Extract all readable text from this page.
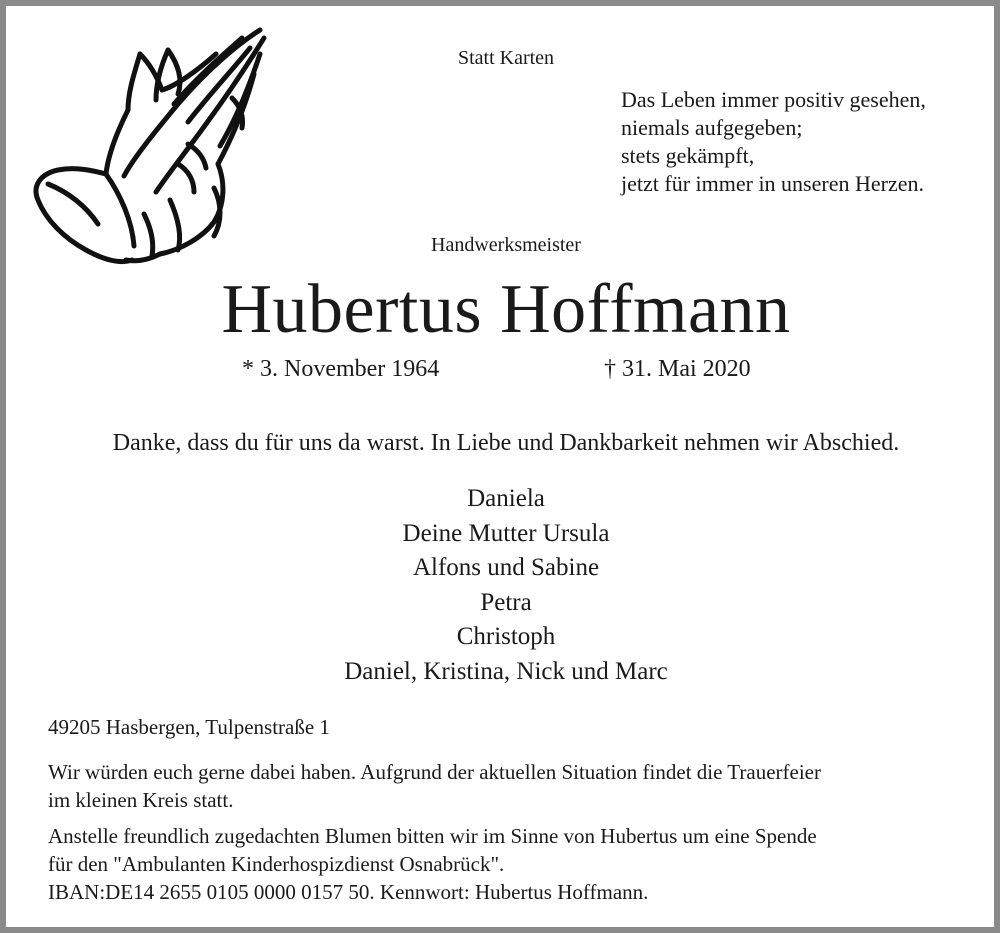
Statt Karten
Das Leben immer positiv gesehen,
niemals aufgegeben;
stets gekämpft,
jetzt für immer in unseren Herzen.
Handwerksmeister
Hubertus Hoffmann
* 3. November 1964	† 31. Mai 2020
Danke, dass du für uns da warst. In Liebe und Dankbarkeit nehmen wir Abschied.
Daniela
Deine Mutter Ursula
Alfons und Sabine
Petra
Christoph
Daniel, Kristina, Nick und Marc
49205 Hasbergen, Tulpenstraße 1
Wir würden euch gerne dabei haben. Aufgrund der aktuellen Situation findet die Trauerfeier
im kleinen Kreis statt.
Anstelle freundlich zugedachten Blumen bitten wir im Sinne von Hubertus um eine Spende
für den "Ambulanten Kinderhospizdienst Osnabrück".
IBAN:DE14 2655 0105 0000 0157 50. Kennwort: Hubertus Hoffmann.
